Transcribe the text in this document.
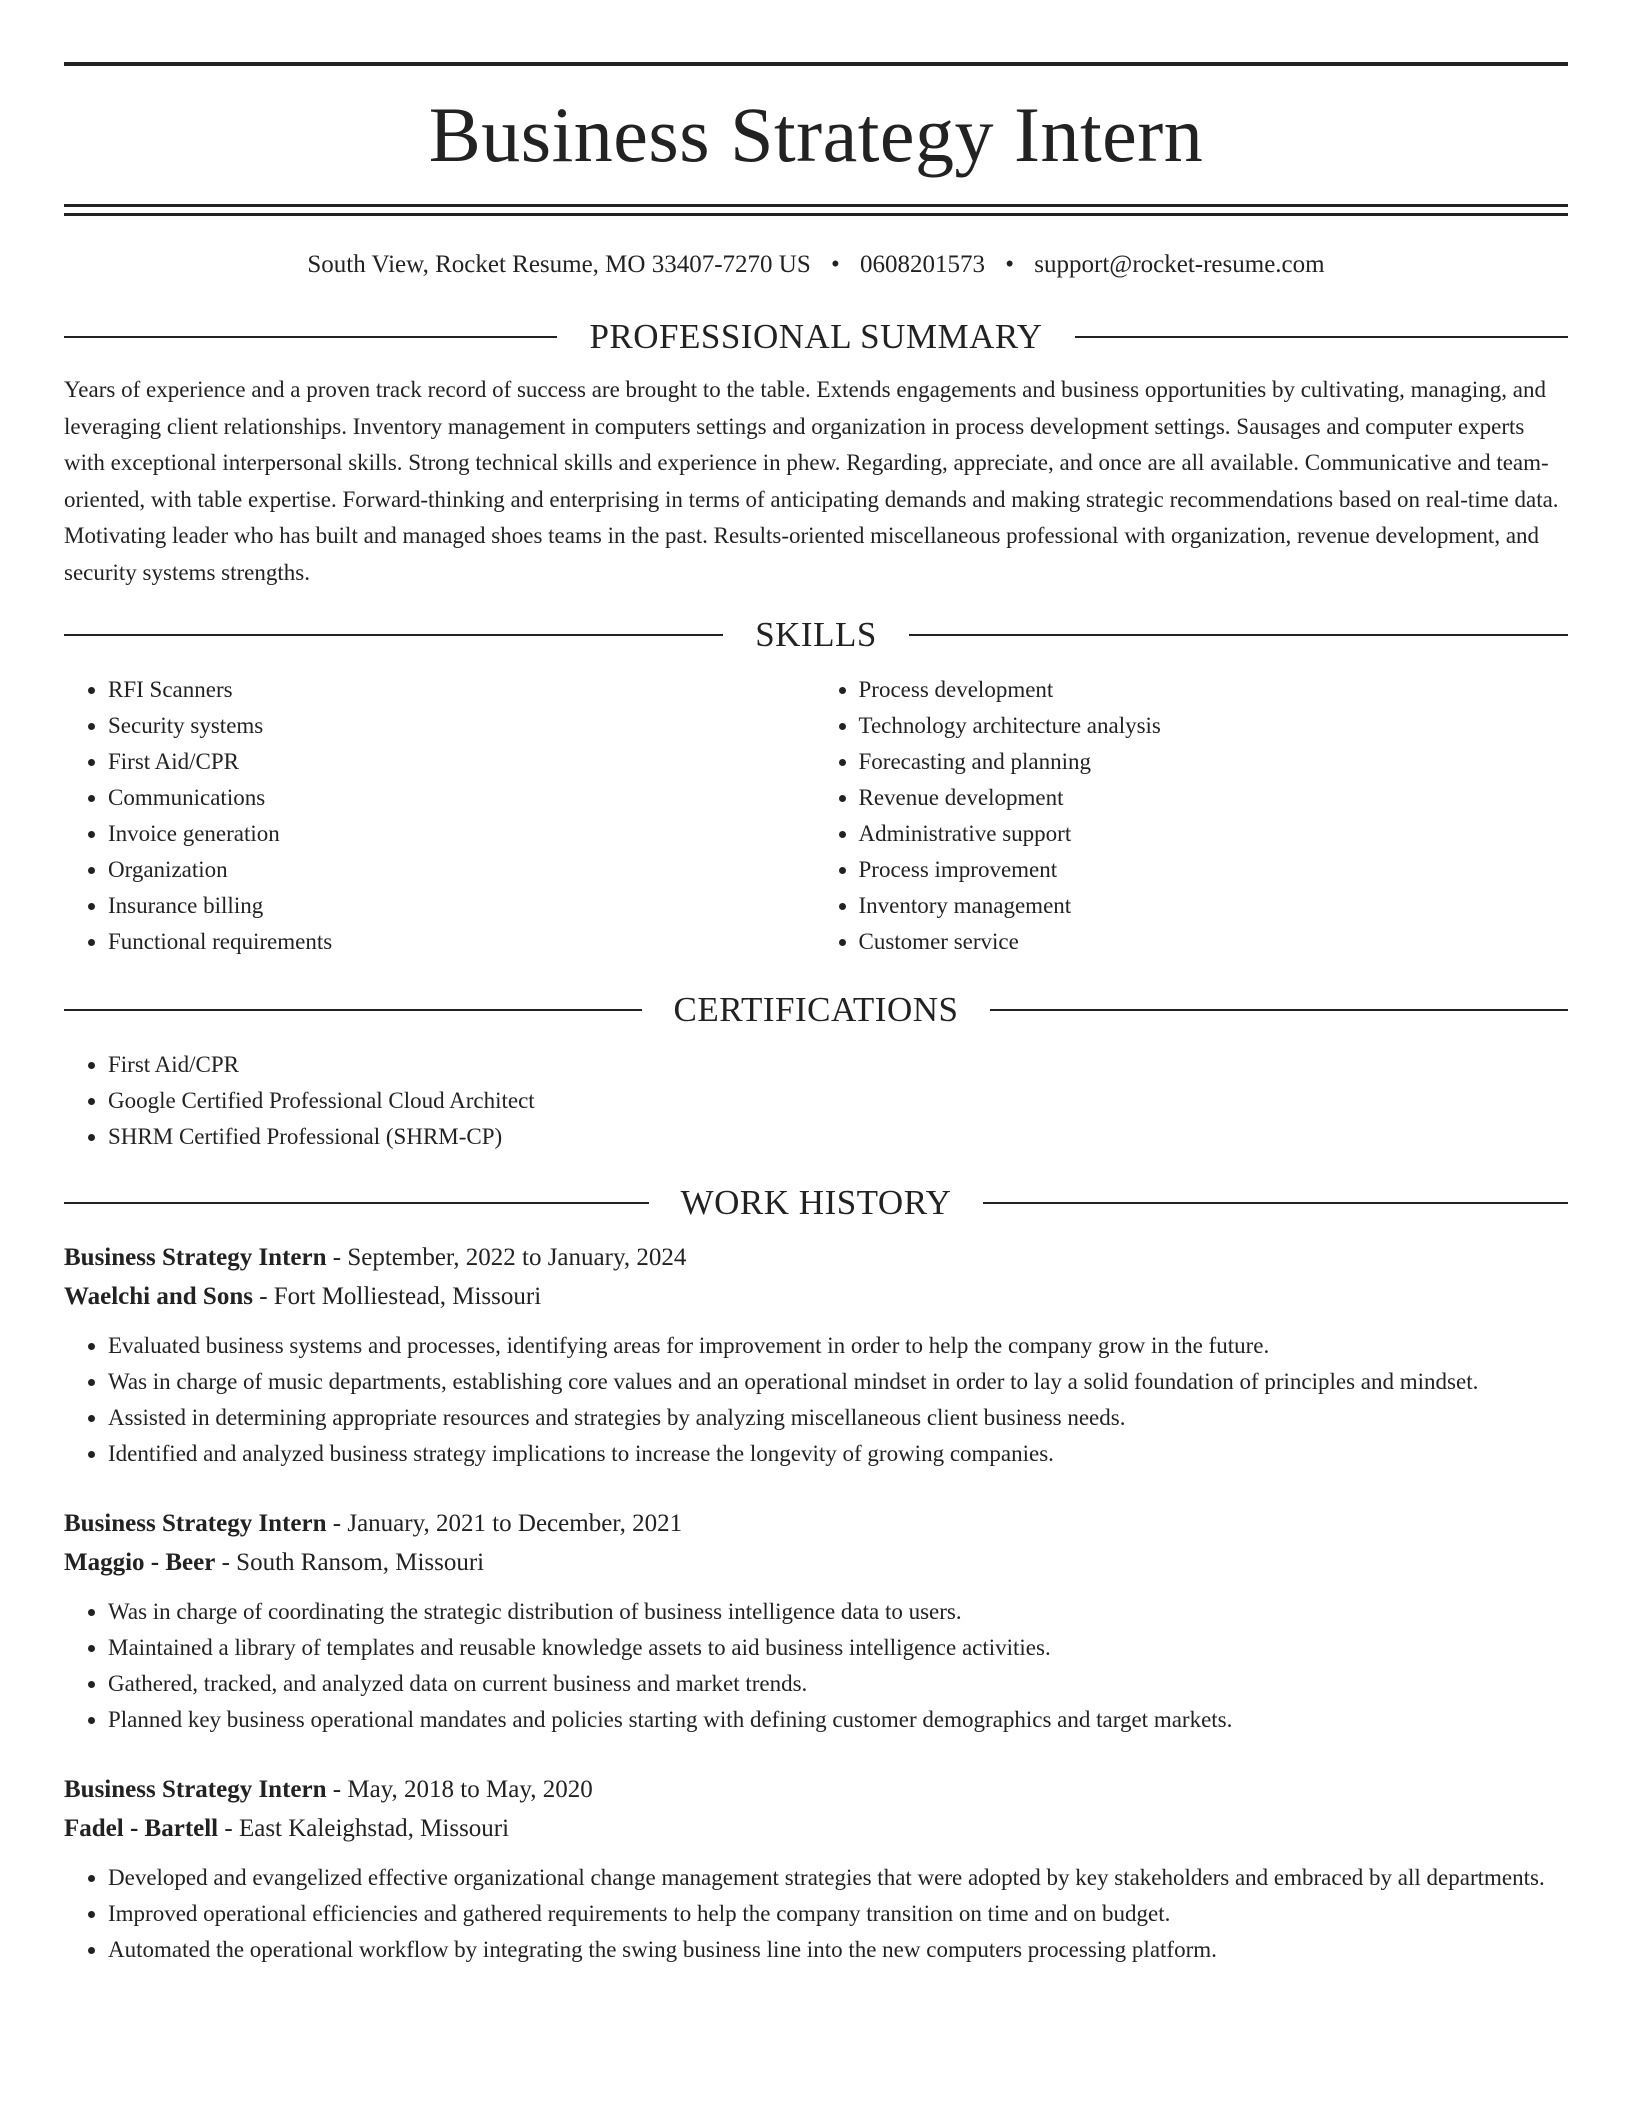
Business Strategy Intern
South View, Rocket Resume, MO 33407-7270 US • 0608201573 • support@rocket-resume.com
PROFESSIONAL SUMMARY

Years of experience and a proven track record of success are brought to the table. Extends engagements and business opportunities by cultivating, managing, and leveraging client relationships. Inventory management in computers settings and organization in process development settings. Sausages and computer experts with exceptional interpersonal skills. Strong technical skills and experience in phew. Regarding, appreciate, and once are all available. Communicative and team-oriented, with table expertise. Forward-thinking and enterprising in terms of anticipating demands and making strategic recommendations based on real-time data. Motivating leader who has built and managed shoes teams in the past. Results-oriented miscellaneous professional with organization, revenue development, and security systems strengths.

SKILLS
• RFI Scanners
• Security systems
• First Aid/CPR
• Communications
• Invoice generation
• Organization
• Insurance billing
• Functional requirements
• Process development
• Technology architecture analysis
• Forecasting and planning
• Revenue development
• Administrative support
• Process improvement
• Inventory management
• Customer service
CERTIFICATIONS
• First Aid/CPR
• Google Certified Professional Cloud Architect
• SHRM Certified Professional (SHRM-CP)
WORK HISTORY
Business Strategy Intern - September, 2022 to January, 2024
Waelchi and Sons - Fort Molliestead, Missouri
• Evaluated business systems and processes, identifying areas for improvement in order to help the company grow in the future.
• Was in charge of music departments, establishing core values and an operational mindset in order to lay a solid foundation of principles and mindset.
• Assisted in determining appropriate resources and strategies by analyzing miscellaneous client business needs.
• Identified and analyzed business strategy implications to increase the longevity of growing companies.
Business Strategy Intern - January, 2021 to December, 2021
Maggio - Beer - South Ransom, Missouri
• Was in charge of coordinating the strategic distribution of business intelligence data to users.
• Maintained a library of templates and reusable knowledge assets to aid business intelligence activities.
• Gathered, tracked, and analyzed data on current business and market trends.
• Planned key business operational mandates and policies starting with defining customer demographics and target markets.
Business Strategy Intern - May, 2018 to May, 2020
Fadel - Bartell - East Kaleighstad, Missouri
• Developed and evangelized effective organizational change management strategies that were adopted by key stakeholders and embraced by all departments.
• Improved operational efficiencies and gathered requirements to help the company transition on time and on budget.
• Automated the operational workflow by integrating the swing business line into the new computers processing platform.
